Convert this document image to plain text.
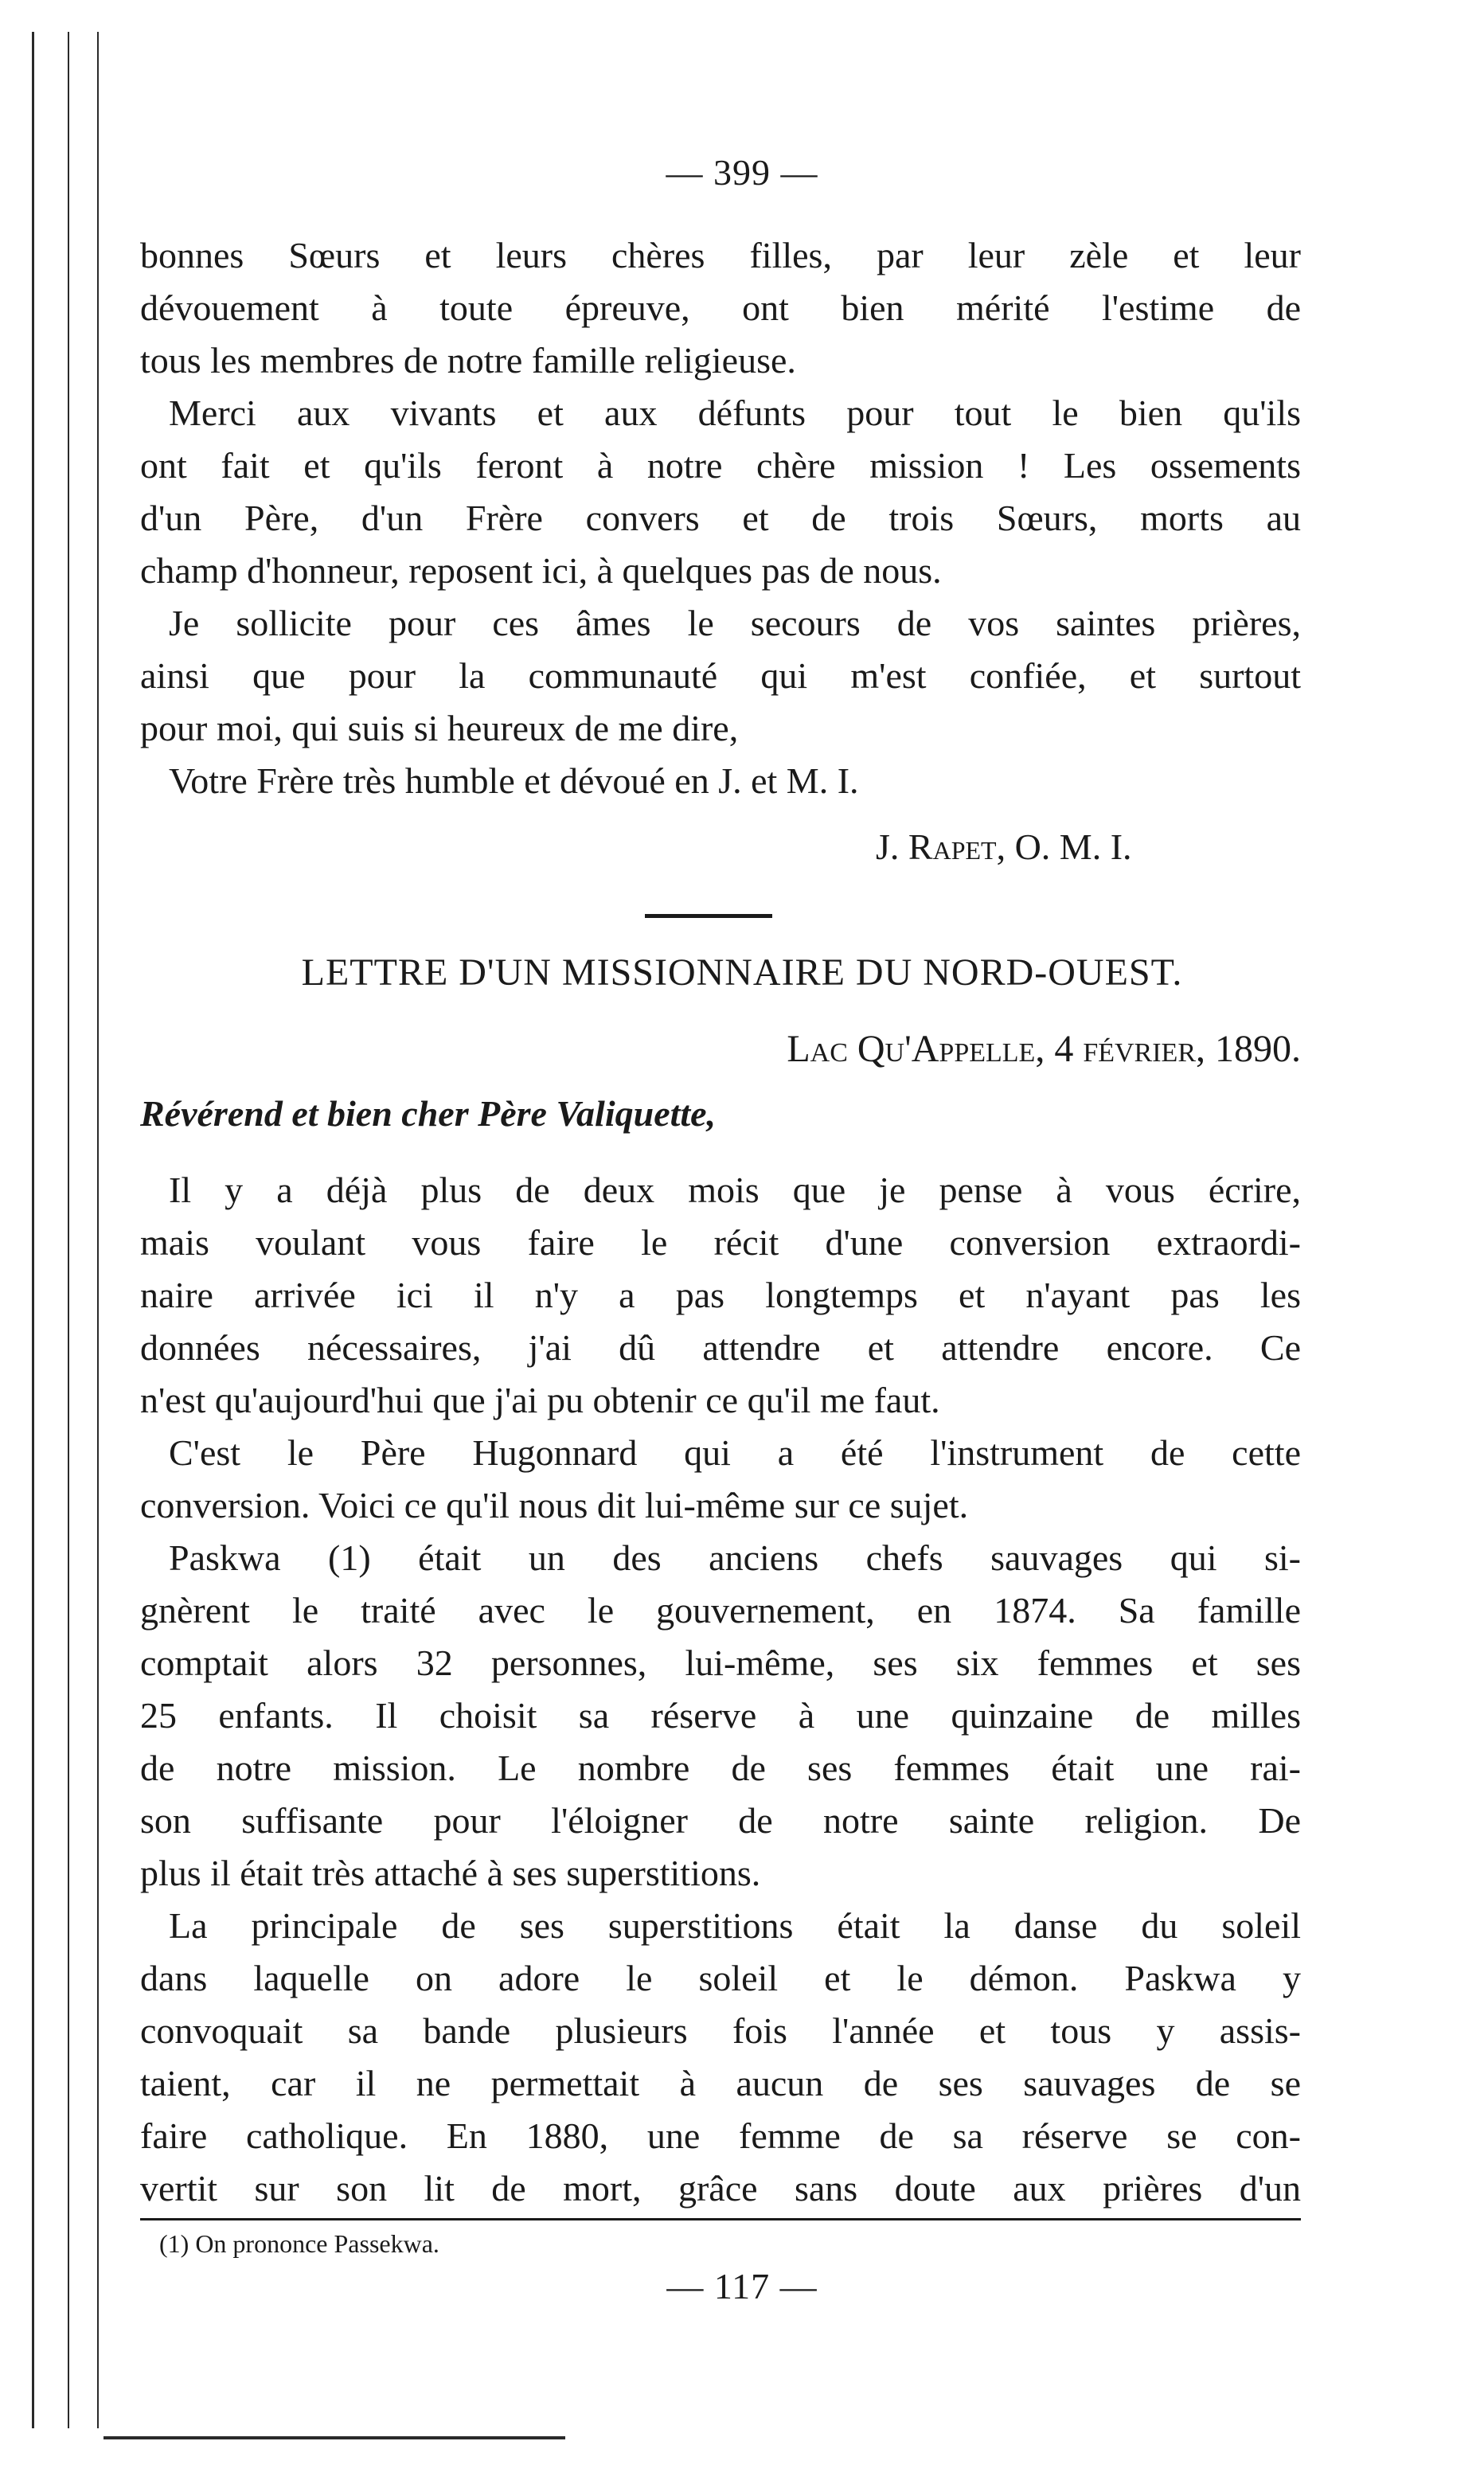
— 399 —
bonnes Sœurs et leurs chères filles, par leur zèle et leur
dévouement à toute épreuve, ont bien mérité l'estime de
tous les membres de notre famille religieuse.
Merci aux vivants et aux défunts pour tout le bien qu'ils
ont fait et qu'ils feront à notre chère mission ! Les ossements
d'un Père, d'un Frère convers et de trois Sœurs, morts au
champ d'honneur, reposent ici, à quelques pas de nous.
Je sollicite pour ces âmes le secours de vos saintes prières,
ainsi que pour la communauté qui m'est confiée, et surtout
pour moi, qui suis si heureux de me dire,
Votre Frère très humble et dévoué en J. et M. I.
J. Rapet, O. M. I.
LETTRE D'UN MISSIONNAIRE DU NORD-OUEST.
Lac Qu'Appelle, 4 février, 1890.
Révérend et bien cher Père Valiquette,
Il y a déjà plus de deux mois que je pense à vous écrire,
mais voulant vous faire le récit d'une conversion extraordi-
naire arrivée ici il n'y a pas longtemps et n'ayant pas les
données nécessaires, j'ai dû attendre et attendre encore. Ce
n'est qu'aujourd'hui que j'ai pu obtenir ce qu'il me faut.
C'est le Père Hugonnard qui a été l'instrument de cette
conversion. Voici ce qu'il nous dit lui-même sur ce sujet.
Paskwa (1) était un des anciens chefs sauvages qui si-
gnèrent le traité avec le gouvernement, en 1874. Sa famille
comptait alors 32 personnes, lui-même, ses six femmes et ses
25 enfants. Il choisit sa réserve à une quinzaine de milles
de notre mission. Le nombre de ses femmes était une rai-
son suffisante pour l'éloigner de notre sainte religion. De
plus il était très attaché à ses superstitions.
La principale de ses superstitions était la danse du soleil
dans laquelle on adore le soleil et le démon. Paskwa y
convoquait sa bande plusieurs fois l'année et tous y assis-
taient, car il ne permettait à aucun de ses sauvages de se
faire catholique. En 1880, une femme de sa réserve se con-
vertit sur son lit de mort, grâce sans doute aux prières d'un
(1) On prononce Passekwa.
— 117 —
